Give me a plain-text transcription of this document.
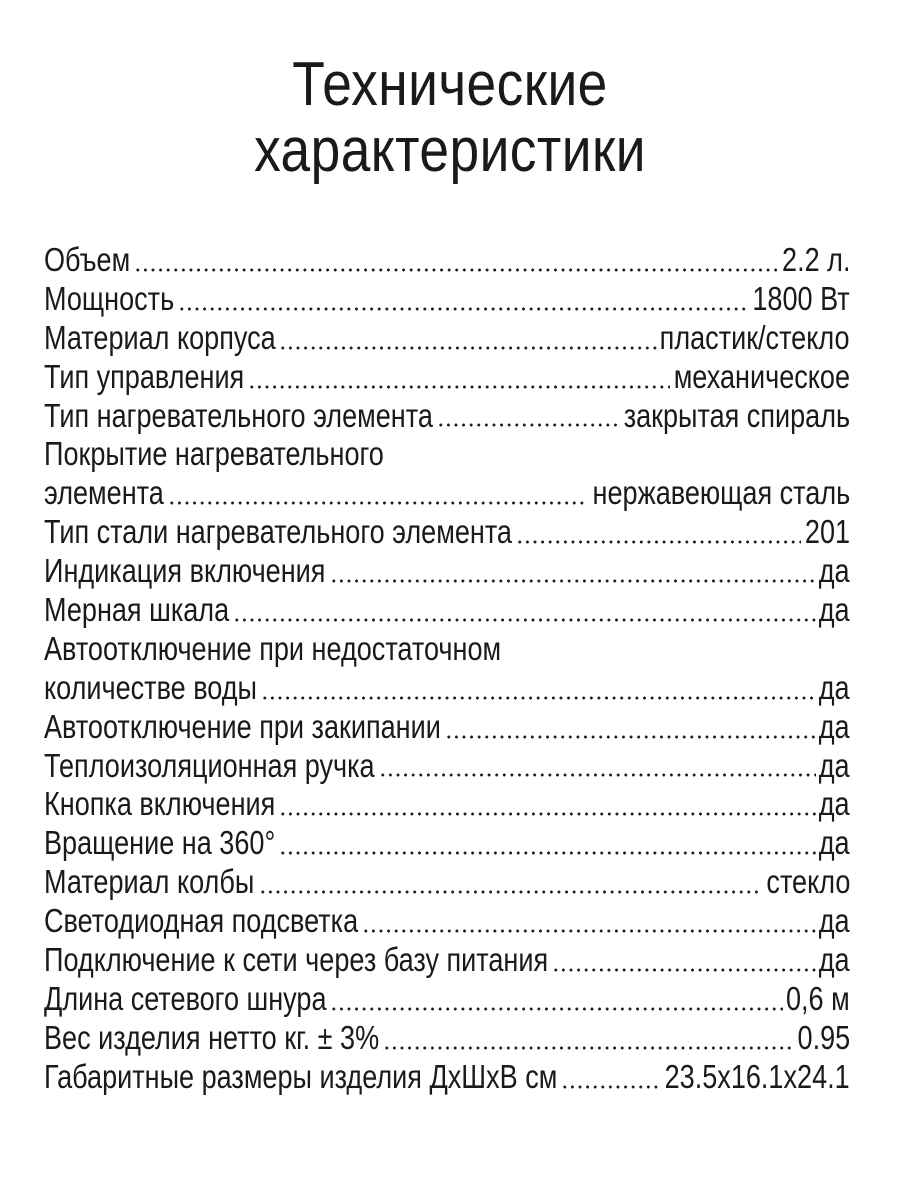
Технические
характеристики
Объем	2.2 л.
Мощность	1800 Вт
Материал корпуса	пластик/стекло
Тип управления	механическое
Тип нагревательного элемента	закрытая спираль
Покрытие нагревательного
элемента	нержавеющая сталь
Тип стали нагревательного элемента	201
Индикация включения	да
Мерная шкала	да
Автоотключение при недостаточном
количестве воды	да
Автоотключение при закипании	да
Теплоизоляционная ручка	да
Кнопка включения	да
Вращение на 360°	да
Материал колбы	стекло
Светодиодная подсветка	да
Подключение к сети через базу питания	да
Длина сетевого шнура	0,6 м
Вес изделия нетто кг. ± 3%	0.95
Габаритные размеры изделия ДхШхВ см	23.5x16.1x24.1
